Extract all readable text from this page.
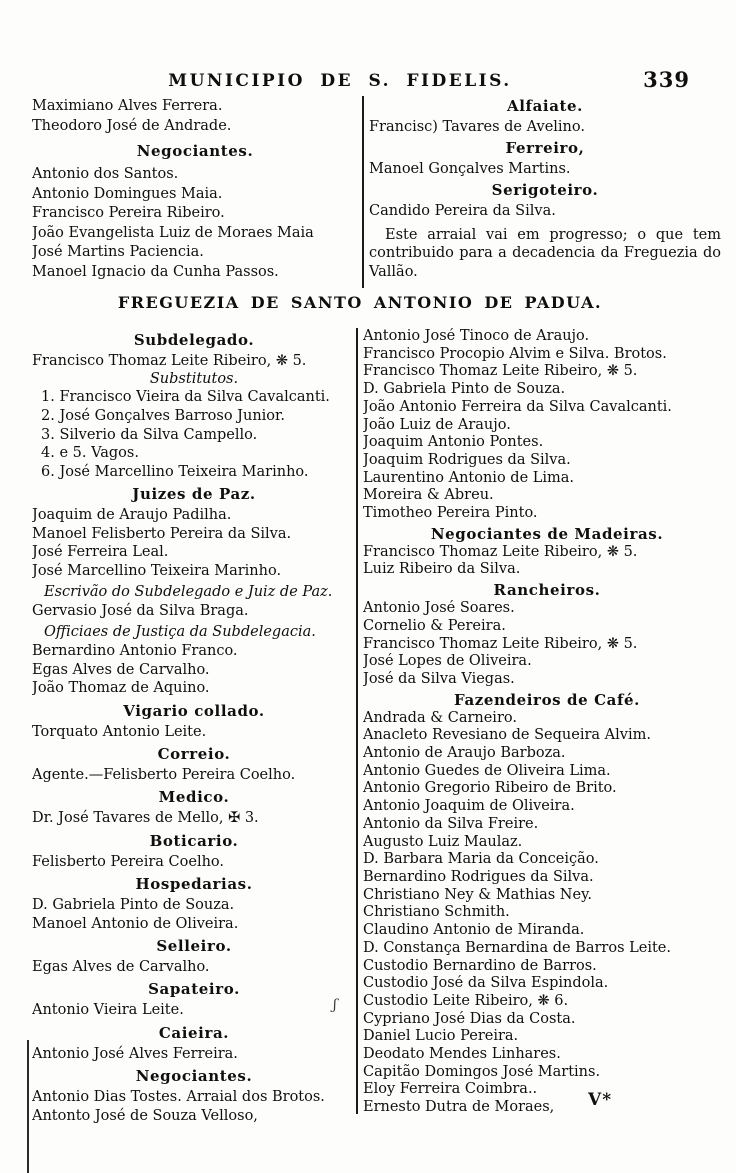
MUNICIPIO DE S. FIDELIS.	339
Maximiano Alves Ferrera.
Theodoro José de Andrade.
Negociantes.
Antonio dos Santos.
Antonio Domingues Maia.
Francisco Pereira Ribeiro.
João Evangelista Luiz de Moraes Maia
José Martins Paciencia.
Manoel Ignacio da Cunha Passos.
Alfaiate.
Francisc) Tavares de Avelino.
Ferreiro,
Manoel Gonçalves Martins.
Serigoteiro.
Candido Pereira da Silva.
Este arraial vai em progresso; o que tem contribuido para a decadencia da Freguezia do Vallão.
FREGUEZIA DE SANTO ANTONIO DE PADUA.
Subdelegado.
Francisco Thomaz Leite Ribeiro, ❋ 5.
Substitutos.
1. Francisco Vieira da Silva Cavalcanti.
2. José Gonçalves Barroso Junior.
3. Silverio da Silva Campello.
4. e 5. Vagos.
6. José Marcellino Teixeira Marinho.
Juizes de Paz.
Joaquim de Araujo Padilha.
Manoel Felisberto Pereira da Silva.
José Ferreira Leal.
José Marcellino Teixeira Marinho.
Escrivão do Subdelegado e Juiz de Paz.
Gervasio José da Silva Braga.
Officiaes de Justiça da Subdelegacia.
Bernardino Antonio Franco.
Egas Alves de Carvalho.
João Thomaz de Aquino.
Vigario collado.
Torquato Antonio Leite.
Correio.
Agente.—Felisberto Pereira Coelho.
Medico.
Dr. José Tavares de Mello, ✠ 3.
Boticario.
Felisberto Pereira Coelho.
Hospedarias.
D. Gabriela Pinto de Souza.
Manoel Antonio de Oliveira.
Selleiro.
Egas Alves de Carvalho.
Sapateiro.
Antonio Vieira Leite.
Caieira.
Antonio José Alves Ferreira.
Negociantes.
Antonio Dias Tostes. Arraial dos Brotos.
Antonto José de Souza Velloso,
Antonio José Tinoco de Araujo.
Francisco Procopio Alvim e Silva. Brotos.
Francisco Thomaz Leite Ribeiro, ❋ 5.
D. Gabriela Pinto de Souza.
João Antonio Ferreira da Silva Cavalcanti.
João Luiz de Araujo.
Joaquim Antonio Pontes.
Joaquim Rodrigues da Silva.
Laurentino Antonio de Lima.
Moreira & Abreu.
Timotheo Pereira Pinto.
Negociantes de Madeiras.
Francisco Thomaz Leite Ribeiro, ❋ 5.
Luiz Ribeiro da Silva.
Rancheiros.
Antonio José Soares.
Cornelio & Pereira.
Francisco Thomaz Leite Ribeiro, ❋ 5.
José Lopes de Oliveira.
José da Silva Viegas.
Fazendeiros de Café.
Andrada & Carneiro.
Anacleto Revesiano de Sequeira Alvim.
Antonio de Araujo Barboza.
Antonio Guedes de Oliveira Lima.
Antonio Gregorio Ribeiro de Brito.
Antonio Joaquim de Oliveira.
Antonio da Silva Freire.
Augusto Luiz Maulaz.
D. Barbara Maria da Conceição.
Bernardino Rodrigues da Silva.
Christiano Ney & Mathias Ney.
Christiano Schmith.
Claudino Antonio de Miranda.
D. Constança Bernardina de Barros Leite.
Custodio Bernardino de Barros.
Custodio José da Silva Espindola.
Custodio Leite Ribeiro, ❋ 6.
Cypriano José Dias da Costa.
Daniel Lucio Pereira.
Deodato Mendes Linhares.
Capitão Domingos José Martins.
Eloy Ferreira Coimbra..
Ernesto Dutra de Moraes,
ʃ
V*
